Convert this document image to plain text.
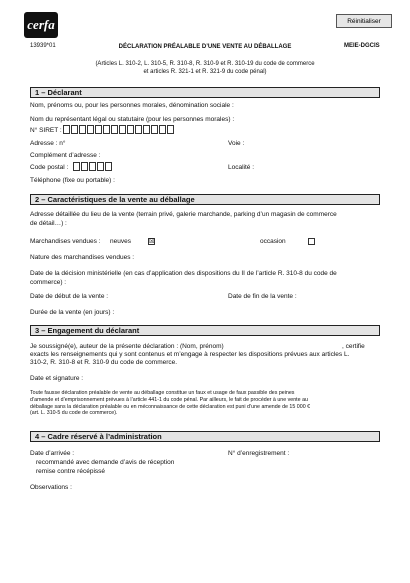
cerfa	Réinitialiser
13939*01	MEIE-DGCIS
DÉCLARATION PRÉALABLE D’UNE VENTE AU DÉBALLAGE
(Articles L. 310-2, L. 310-5, R. 310-8, R. 310-9 et R. 310-19 du code de commerce
et articles R. 321-1 et R. 321-9 du code pénal)
1 – Déclarant
Nom, prénoms ou, pour les personnes morales, dénomination sociale :
Nom du représentant légal ou statutaire (pour les personnes morales) :
N° SIRET :
Adresse : n°	Voie :
Complément d’adresse :
Code postal :	Localité :
Téléphone (fixe ou portable) :
2 – Caractéristiques de la vente au déballage
Adresse détaillée du lieu de la vente (terrain privé, galerie marchande, parking d’un magasin de commerce
de détail…) :
Marchandises vendues : neuves	☒	occasion
Nature des marchandises vendues :
Date de la décision ministérielle (en cas d’application des dispositions du II de l’article R. 310-8 du code de
commerce) :
Date de début de la vente :	Date de fin de la vente :
Durée de la vente (en jours) :
3 – Engagement du déclarant
Je soussigné(e), auteur de la présente déclaration : (Nom, prénom)	, certifie
exacts les renseignements qui y sont contenus et m’engage à respecter les dispositions prévues aux articles L.
310-2, R. 310-8 et R. 310-9 du code de commerce.
Date et signature :
Toute fausse déclaration préalable de vente au déballage constitue un faux et usage de faux passible des peines
d’amende et d’emprisonnement prévues à l’article 441-1 du code pénal. Par ailleurs, le fait de procéder à une vente au
déballage sans la déclaration préalable ou en méconnaissance de cette déclaration est puni d’une amende de 15 000 €
(art. L. 310-5 du code de commerce).
4 – Cadre réservé à l’administration
Date d’arrivée :	N° d’enregistrement :
recommandé avec demande d’avis de réception
remise contre récépissé
Observations :
